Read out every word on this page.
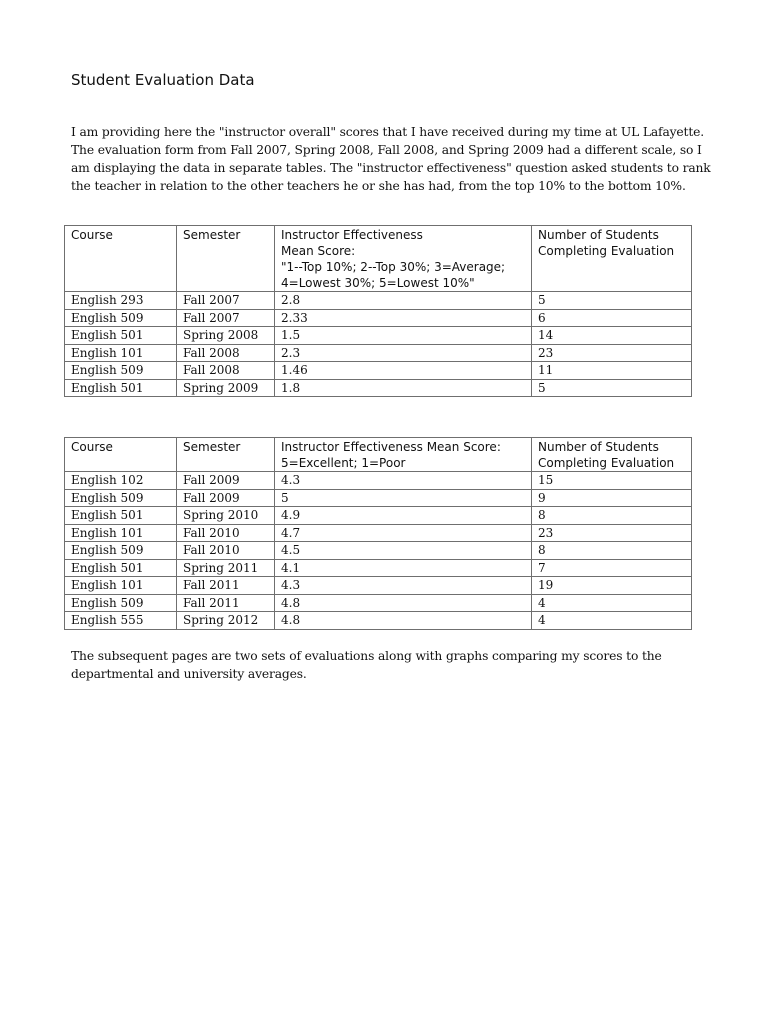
Student Evaluation Data

I am providing here the "instructor overall" scores that I have received during my time at UL Lafayette.
The evaluation form from Fall 2007, Spring 2008, Fall 2008, and Spring 2009 had a different scale, so I
am displaying the data in separate tables. The "instructor effectiveness" question asked students to rank
the teacher in relation to the other teachers he or she has had, from the top 10% to the bottom 10%.

Course	Semester	Instructor Effectiveness
Mean Score:
"1--Top 10%; 2--Top 30%; 3=Average;
4=Lowest 30%; 5=Lowest 10%"	Number of Students
Completing Evaluation

English 293	Fall 2007	2.8	5
English 509	Fall 2007	2.33	6
English 501	Spring 2008	1.5	14
English 101	Fall 2008	2.3	23
English 509	Fall 2008	1.46	11
English 501	Spring 2009	1.8	5
Course	Semester	Instructor Effectiveness Mean Score:
5=Excellent; 1=Poor	Number of Students
Completing Evaluation

English 102	Fall 2009	4.3	15
English 509	Fall 2009	5	9
English 501	Spring 2010	4.9	8
English 101	Fall 2010	4.7	23
English 509	Fall 2010	4.5	8
English 501	Spring 2011	4.1	7
English 101	Fall 2011	4.3	19
English 509	Fall 2011	4.8	4
English 555	Spring 2012	4.8	4

The subsequent pages are two sets of evaluations along with graphs comparing my scores to the
departmental and university averages.
